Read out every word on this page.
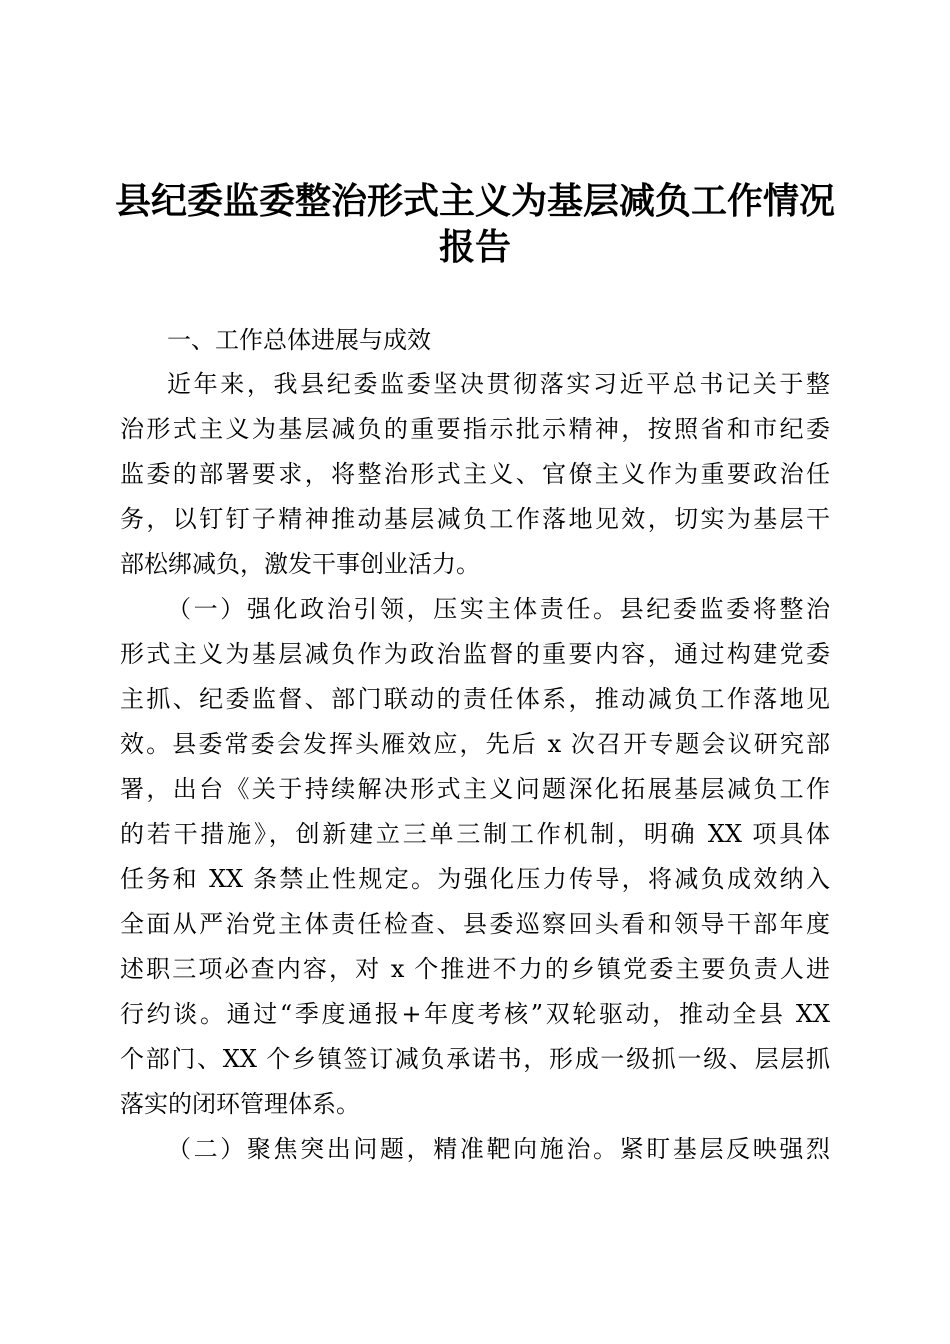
县纪委监委整治形式主义为基层减负工作情况
报告
一、工作总体进展与成效
近年来，我县纪委监委坚决贯彻落实习近平总书记关于整
治形式主义为基层减负的重要指示批示精神，按照省和市纪委
监委的部署要求，将整治形式主义、官僚主义作为重要政治任
务，以钉钉子精神推动基层减负工作落地见效，切实为基层干
部松绑减负，激发干事创业活力。
（一）强化政治引领，压实主体责任。县纪委监委将整治
形式主义为基层减负作为政治监督的重要内容，通过构建党委
主抓、纪委监督、部门联动的责任体系，推动减负工作落地见
效。县委常委会发挥头雁效应，先后 x 次召开专题会议研究部
署，出台《关于持续解决形式主义问题深化拓展基层减负工作
的若干措施》，创新建立三单三制工作机制，明确 XX 项具体
任务和 XX 条禁止性规定。为强化压力传导，将减负成效纳入
全面从严治党主体责任检查、县委巡察回头看和领导干部年度
述职三项必查内容，对 x 个推进不力的乡镇党委主要负责人进
行约谈。通过“季度通报+年度考核”双轮驱动，推动全县 XX
个部门、XX 个乡镇签订减负承诺书，形成一级抓一级、层层抓
落实的闭环管理体系。
（二）聚焦突出问题，精准靶向施治。紧盯基层反映强烈
